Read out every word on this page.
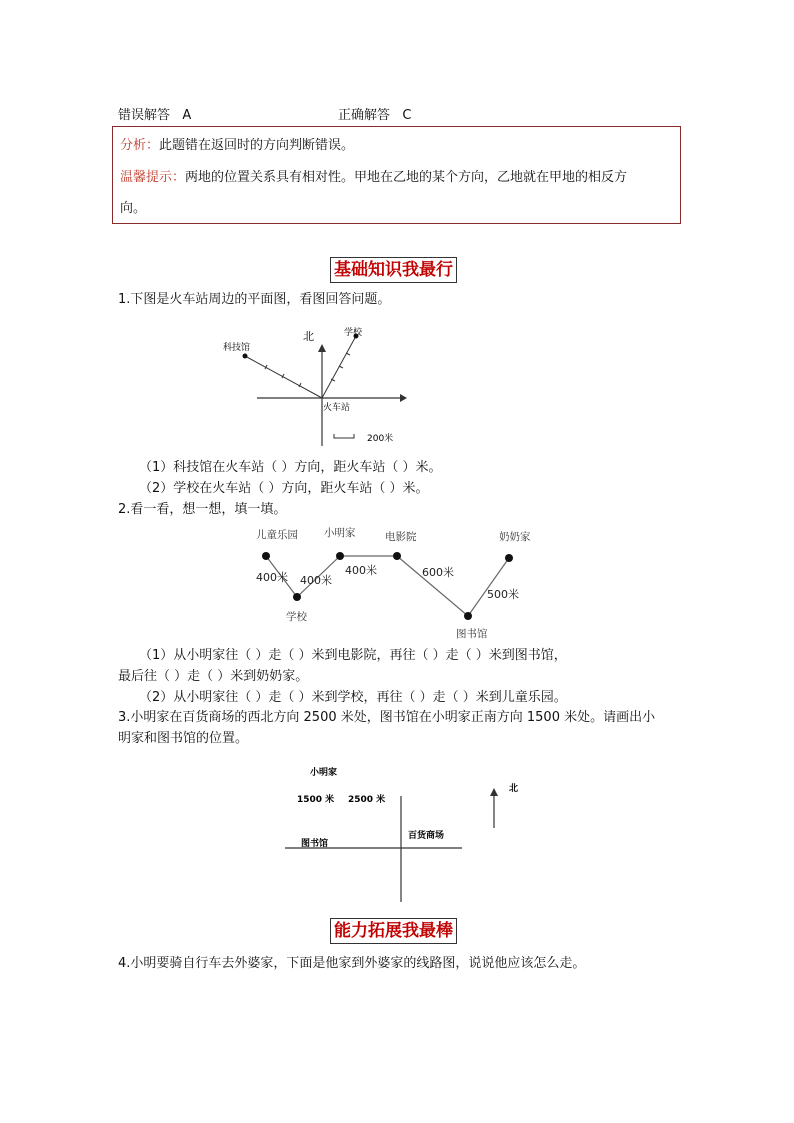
错误解答 A	正确解答 C
分析：此题错在返回时的方向判断错误。
温馨提示：两地的位置关系具有相对性。甲地在乙地的某个方向，乙地就在甲地的相反方
向。
基础知识我最行
1.下图是火车站周边的平面图，看图回答问题。
北
科技馆
学校
火车站
200米
（1）科技馆在火车站（ ）方向，距火车站（ ）米。
（2）学校在火车站（ ）方向，距火车站（ ）米。
2.看一看，想一想，填一填。
儿童乐园 小明家	电影院	奶奶家
学校
图书馆
400米 400米
400米	600米
500米
（1）从小明家往（ ）走（ ）米到电影院，再往（ ）走（ ）米到图书馆，
最后往（ ）走（ ）米到奶奶家。
（2）从小明家往（ ）走（ ）米到学校，再往（ ）走（ ）米到儿童乐园。
3.小明家在百货商场的西北方向 2500 米处，图书馆在小明家正南方向 1500 米处。请画出小
明家和图书馆的位置。
小明家
1500 米 2500 米
图书馆
百货商场
北
能力拓展我最棒
4.小明要骑自行车去外婆家，下面是他家到外婆家的线路图，说说他应该怎么走。
